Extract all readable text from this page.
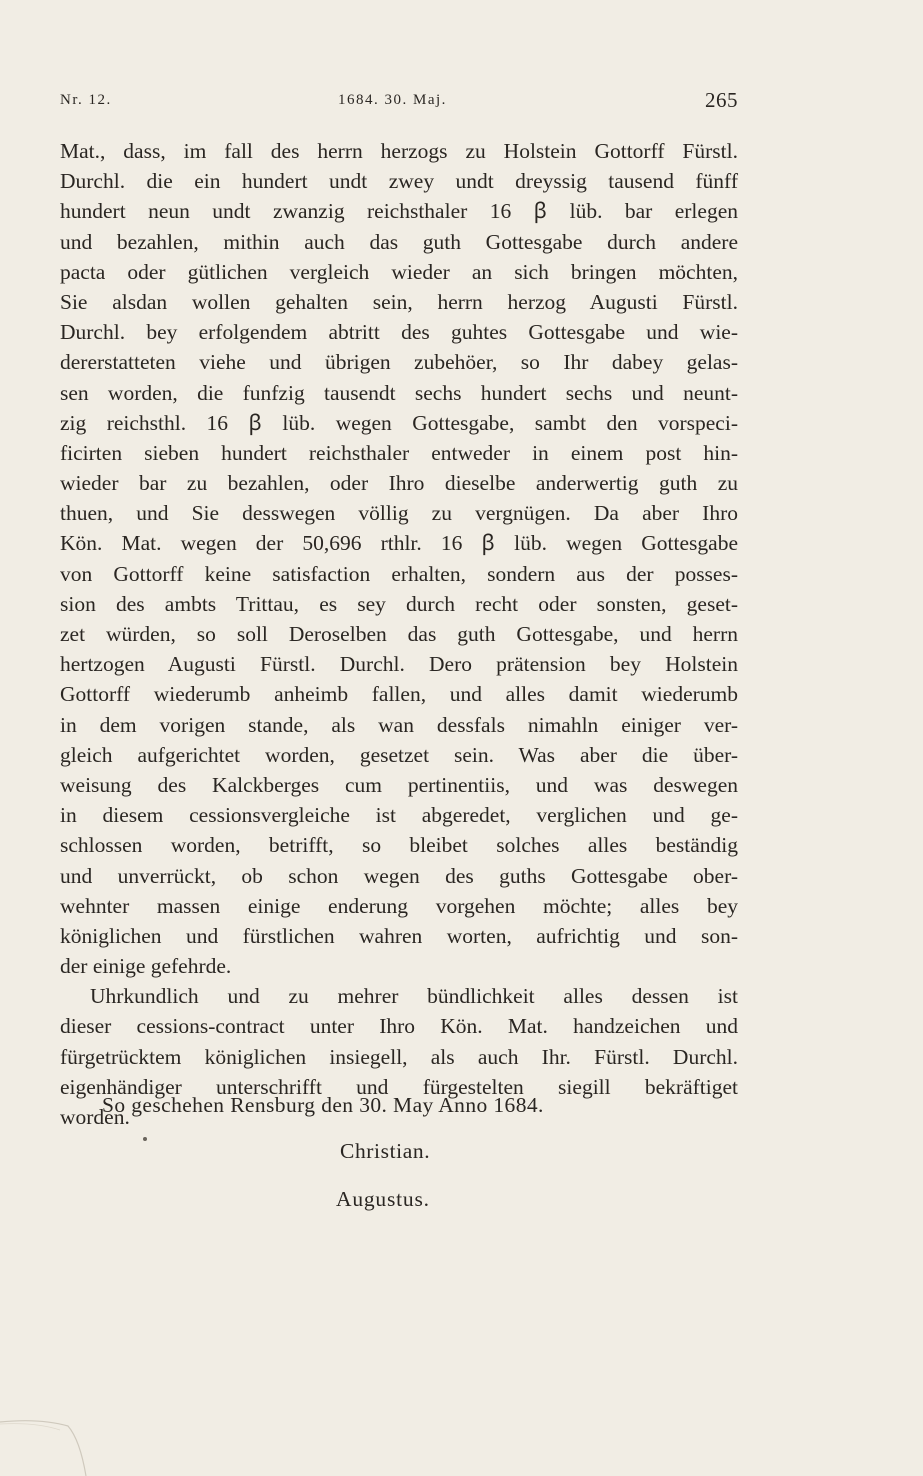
Nr. 12.	1684. 30. Maj.	265
Mat., dass, im fall des herrn herzogs zu Holstein Gottorff Fürstl.
Durchl. die ein hundert undt zwey undt dreyssig tausend fünff
hundert neun undt zwanzig reichsthaler 16 ꞵ lüb. bar erlegen
und bezahlen, mithin auch das guth Gottesgabe durch andere
pacta oder gütlichen vergleich wieder an sich bringen möchten,
Sie alsdan wollen gehalten sein, herrn herzog Augusti Fürstl.
Durchl. bey erfolgendem abtritt des guhtes Gottesgabe und wie-
dererstatteten viehe und übrigen zubehöer, so Ihr dabey gelas-
sen worden, die funfzig tausendt sechs hundert sechs und neunt-
zig reichsthl. 16 ꞵ lüb. wegen Gottesgabe, sambt den vorspeci-
ficirten sieben hundert reichsthaler entweder in einem post hin-
wieder bar zu bezahlen, oder Ihro dieselbe anderwertig guth zu
thuen, und Sie desswegen völlig zu vergnügen. Da aber Ihro
Kön. Mat. wegen der 50,696 rthlr. 16 ꞵ lüb. wegen Gottesgabe
von Gottorff keine satisfaction erhalten, sondern aus der posses-
sion des ambts Trittau, es sey durch recht oder sonsten, geset-
zet würden, so soll Deroselben das guth Gottesgabe, und herrn
hertzogen Augusti Fürstl. Durchl. Dero prätension bey Holstein
Gottorff wiederumb anheimb fallen, und alles damit wiederumb
in dem vorigen stande, als wan dessfals nimahln einiger ver-
gleich aufgerichtet worden, gesetzet sein. Was aber die über-
weisung des Kalckberges cum pertinentiis, und was deswegen
in diesem cessionsvergleiche ist abgeredet, verglichen und ge-
schlossen worden, betrifft, so bleibet solches alles beständig
und unverrückt, ob schon wegen des guths Gottesgabe ober-
wehnter massen einige enderung vorgehen möchte; alles bey
königlichen und fürstlichen wahren worten, aufrichtig und son-
der einige gefehrde.
Uhrkundlich und zu mehrer bündlichkeit alles dessen ist
dieser cessions-contract unter Ihro Kön. Mat. handzeichen und
fürgetrücktem königlichen insiegell, als auch Ihr. Fürstl. Durchl.
eigenhändiger unterschrifft und fürgestelten siegill bekräftiget
worden.
So geschehen Rensburg den 30. May Anno 1684.
Christian.
Augustus.
